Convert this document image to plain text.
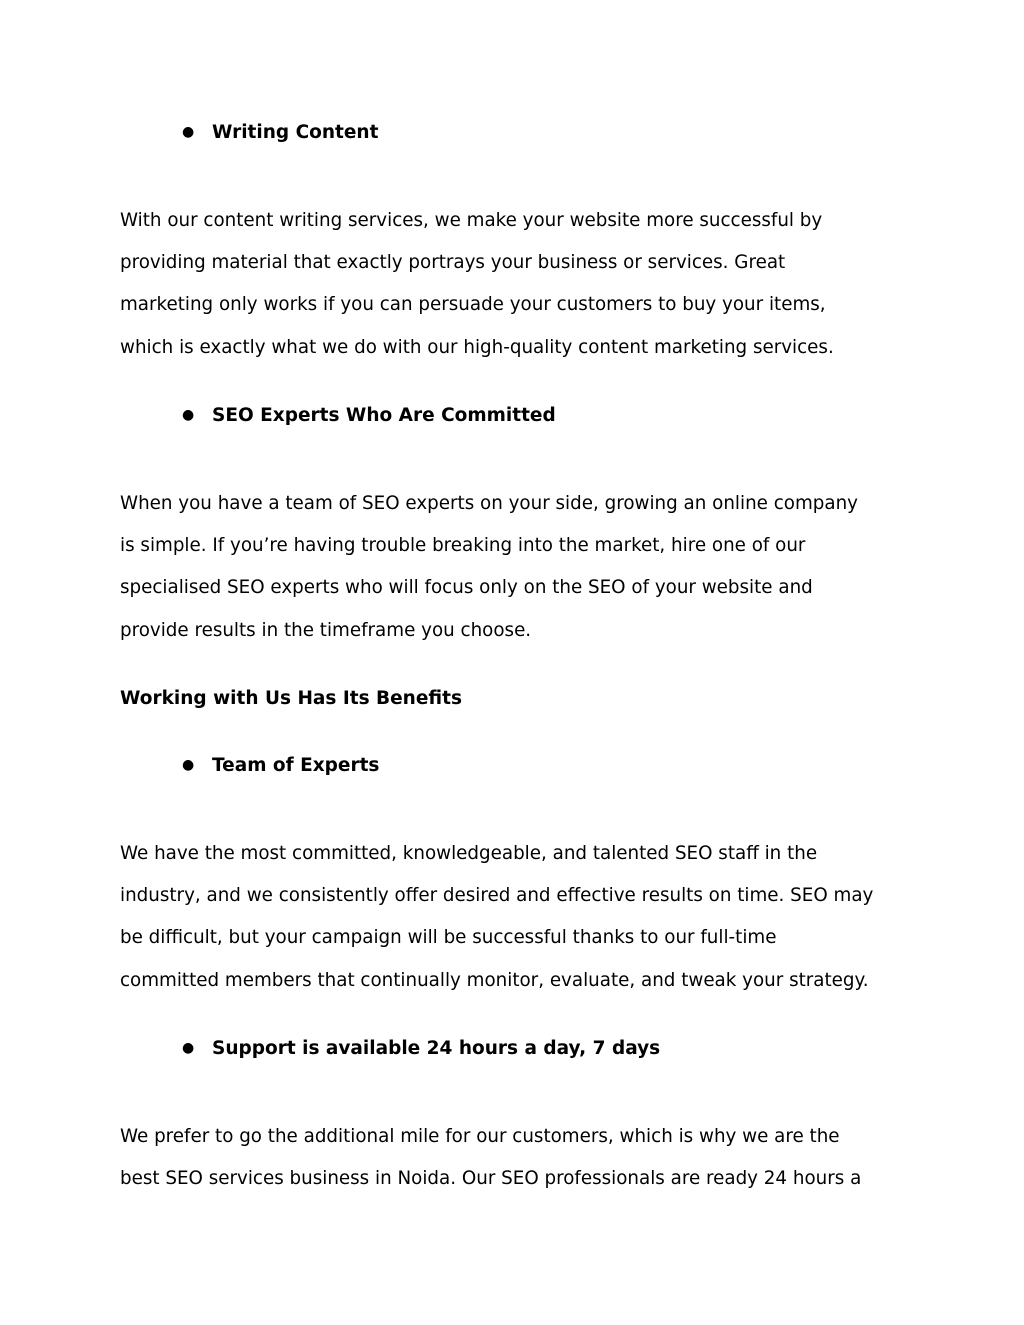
● Writing Content
With our content writing services, we make your website more successful by
providing material that exactly portrays your business or services. Great
marketing only works if you can persuade your customers to buy your items,
which is exactly what we do with our high-quality content marketing services.
● SEO Experts Who Are Committed
When you have a team of SEO experts on your side, growing an online company
is simple. If you’re having trouble breaking into the market, hire one of our
specialised SEO experts who will focus only on the SEO of your website and
provide results in the timeframe you choose.
Working with Us Has Its Benefits
● Team of Experts
We have the most committed, knowledgeable, and talented SEO staff in the
industry, and we consistently offer desired and effective results on time. SEO may
be difficult, but your campaign will be successful thanks to our full-time
committed members that continually monitor, evaluate, and tweak your strategy.
● Support is available 24 hours a day, 7 days
We prefer to go the additional mile for our customers, which is why we are the
best SEO services business in Noida. Our SEO professionals are ready 24 hours a
